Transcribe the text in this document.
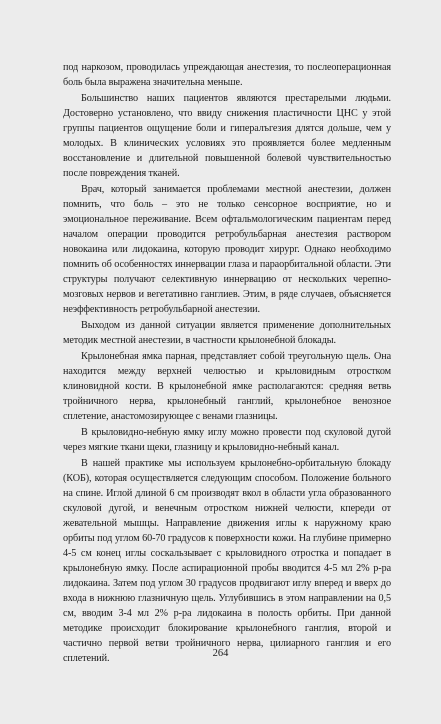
под наркозом, проводилась упреждающая анестезия, то послеоперационная боль была выражена значительна меньше.

Большинство наших пациентов являются престарелыми людьми. Достоверно установлено, что ввиду снижения пластичности ЦНС у этой группы пациентов ощущение боли и гипералъгезия длятся дольше, чем у молодых. В клинических условиях это проявляется более медленным восстановление и длительной повышенной болевой чувствительностью после повреждения тканей.

Врач, который занимается проблемами местной анестезии, должен помнить, что боль – это не только сенсорное восприятие, но и эмоциональное переживание. Всем офтальмологическим пациентам перед началом операции проводится ретробульбарная анестезия раствором новокаина или лидокаина, которую проводит хирург. Однако необходимо помнить об особенностях иннервации глаза и параорбитальной области. Эти структуры получают селективную иннервацию от нескольких черепно-мозговых нервов и вегетативно ганглиев. Этим, в ряде случаев, объясняется неэффективность ретробульбарной анестезии.

Выходом из данной ситуации является применение дополнительных методик местной анестезии, в частности крылонебной блокады.

Крылонебная ямка парная, представляет собой треугольную щель. Она находится между верхней челюстью и крыловидным отростком клиновидной кости. В крылонебной ямке располагаются: средняя ветвь тройничного нерва, крылонебный ганглий, крылонебное венозное сплетение, анастомозирующее с венами глазницы.

В крыловидно-небную ямку иглу можно провести под скуловой дугой через мягкие ткани щеки, глазницу и крыловидно-небный канал.

В нашей практике мы используем крылонебно-орбитальную блокаду (КОБ), которая осуществляется следующим способом. Положение больного на спине. Иглой длиной 6 см производят вкол в области угла образованного скуловой дугой, и венечным отростком нижней челюсти, кпереди от жевательной мышцы. Направление движения иглы к наружному краю орбиты под углом 60-70 градусов к поверхности кожи. На глубине примерно 4-5 см конец иглы соскальзывает с крыловидного отростка и попадает в крылонебную ямку. После аспирационной пробы вводится 4-5 мл 2% р-ра лидокаина. Затем под углом 30 градусов продвигают иглу вперед и вверх до входа в нижнюю глазничную щель. Углубившись в этом направлении на 0,5 см, вводим 3-4 мл 2% р-ра лидокаина в полость орбиты. При данной методике происходит блокирование крылонебного ганглия, второй и частично первой ветви тройничного нерва, цилиарного ганглия и его сплетений.	264
